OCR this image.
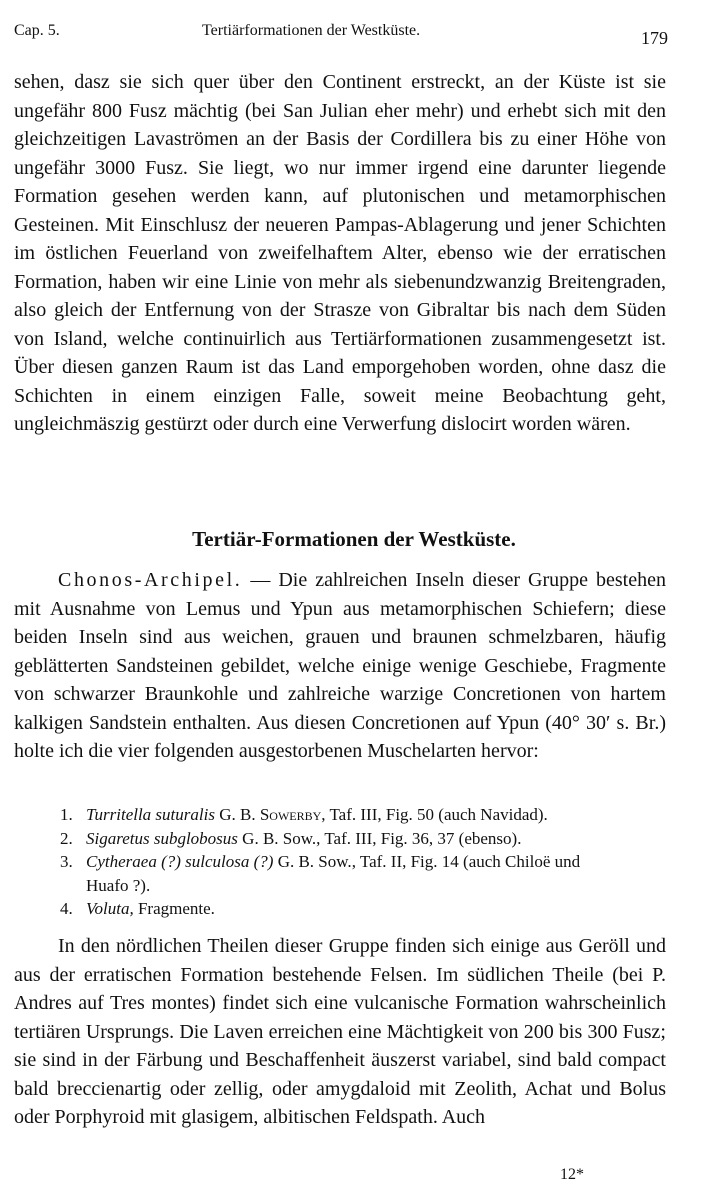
Cap. 5.	Tertiärformationen der Westküste.	179
sehen, dasz sie sich quer über den Continent erstreckt, an der Küste ist sie ungefähr 800 Fusz mächtig (bei San Julian eher mehr) und erhebt sich mit den gleichzeitigen Lavaströmen an der Basis der Cordillera bis zu einer Höhe von ungefähr 3000 Fusz. Sie liegt, wo nur immer irgend eine darunter liegende Formation gesehen werden kann, auf plutonischen und metamorphischen Gesteinen. Mit Einschlusz der neueren Pampas-Ablagerung und jener Schichten im östlichen Feuerland von zweifelhaftem Alter, ebenso wie der erratischen Formation, haben wir eine Linie von mehr als siebenundzwanzig Breitengraden, also gleich der Entfernung von der Strasze von Gibraltar bis nach dem Süden von Island, welche continuirlich aus Tertiärformationen zusammengesetzt ist. Über diesen ganzen Raum ist das Land emporgehoben worden, ohne dasz die Schichten in einem einzigen Falle, soweit meine Beobachtung geht, ungleichmäszig gestürzt oder durch eine Verwerfung dislocirt worden wären.
Tertiär-Formationen der Westküste.
Chonos-Archipel. — Die zahlreichen Inseln dieser Gruppe bestehen mit Ausnahme von Lemus und Ypun aus metamorphischen Schiefern; diese beiden Inseln sind aus weichen, grauen und braunen schmelzbaren, häufig geblätterten Sandsteinen gebildet, welche einige wenige Geschiebe, Fragmente von schwarzer Braunkohle und zahlreiche warzige Concretionen von hartem kalkigen Sandstein enthalten. Aus diesen Concretionen auf Ypun (40° 30′ s. Br.) holte ich die vier folgenden ausgestorbenen Muschelarten hervor:
1. Turritella suturalis G. B. Sowerby, Taf. III, Fig. 50 (auch Navidad).
2. Sigaretus subglobosus G. B. Sow., Taf. III, Fig. 36, 37 (ebenso).
3. Cytheraea (?) sulculosa (?) G. B. Sow., Taf. II, Fig. 14 (auch Chiloë und
Huafo ?).
4. Voluta, Fragmente.
In den nördlichen Theilen dieser Gruppe finden sich einige aus Geröll und aus der erratischen Formation bestehende Felsen. Im südlichen Theile (bei P. Andres auf Tres montes) findet sich eine vulcanische Formation wahrscheinlich tertiären Ursprungs. Die Laven erreichen eine Mächtigkeit von 200 bis 300 Fusz; sie sind in der Färbung und Beschaffenheit äuszerst variabel, sind bald compact bald breccienartig oder zellig, oder amygdaloid mit Zeolith, Achat und Bolus oder Porphyroid mit glasigem, albitischen Feldspath. Auch
12*
